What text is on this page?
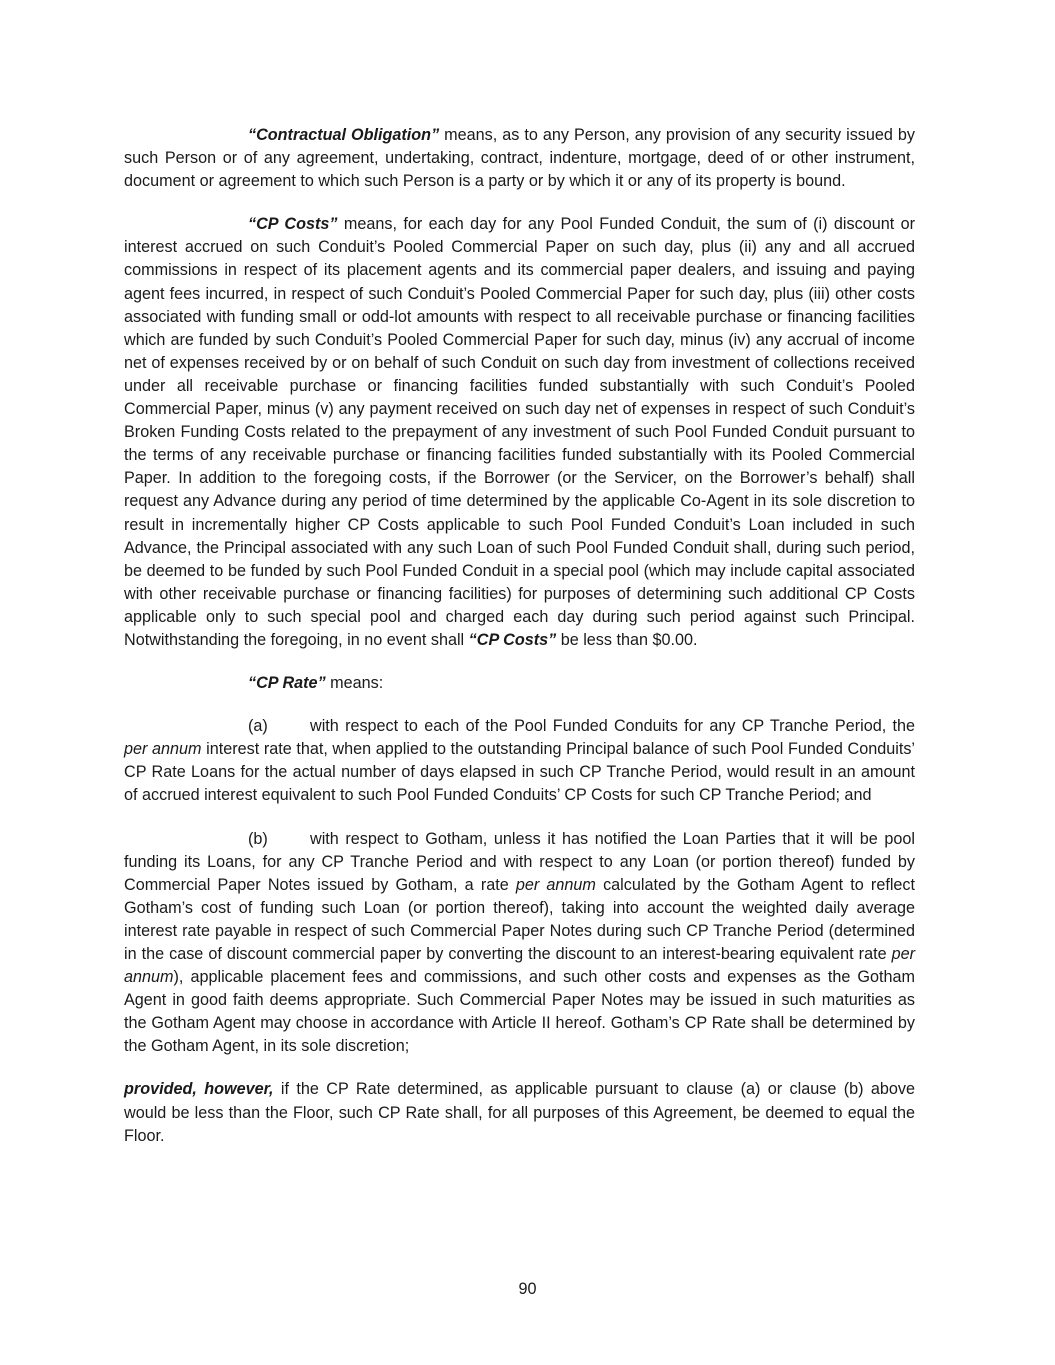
“Contractual Obligation” means, as to any Person, any provision of any security issued by such Person or of any agreement, undertaking, contract, indenture, mortgage, deed of or other instrument, document or agreement to which such Person is a party or by which it or any of its property is bound.

“CP Costs” means, for each day for any Pool Funded Conduit, the sum of (i) discount or interest accrued on such Conduit’s Pooled Commercial Paper on such day, plus (ii) any and all accrued commissions in respect of its placement agents and its commercial paper dealers, and issuing and paying agent fees incurred, in respect of such Conduit’s Pooled Commercial Paper for such day, plus (iii) other costs associated with funding small or odd-lot amounts with respect to all receivable purchase or financing facilities which are funded by such Conduit’s Pooled Commercial Paper for such day, minus (iv) any accrual of income net of expenses received by or on behalf of such Conduit on such day from investment of collections received under all receivable purchase or financing facilities funded substantially with such Conduit’s Pooled Commercial Paper, minus (v) any payment received on such day net of expenses in respect of such Conduit’s Broken Funding Costs related to the prepayment of any investment of such Pool Funded Conduit pursuant to the terms of any receivable purchase or financing facilities funded substantially with its Pooled Commercial Paper. In addition to the foregoing costs, if the Borrower (or the Servicer, on the Borrower’s behalf) shall request any Advance during any period of time determined by the applicable Co-Agent in its sole discretion to result in incrementally higher CP Costs applicable to such Pool Funded Conduit’s Loan included in such Advance, the Principal associated with any such Loan of such Pool Funded Conduit shall, during such period, be deemed to be funded by such Pool Funded Conduit in a special pool (which may include capital associated with other receivable purchase or financing facilities) for purposes of determining such additional CP Costs applicable only to such special pool and charged each day during such period against such Principal. Notwithstanding the foregoing, in no event shall “CP Costs” be less than $0.00.

“CP Rate” means:

(a)	with respect to each of the Pool Funded Conduits for any CP Tranche Period, the per annum interest rate that, when applied to the outstanding Principal balance of such Pool Funded Conduits’ CP Rate Loans for the actual number of days elapsed in such CP Tranche Period, would result in an amount of accrued interest equivalent to such Pool Funded Conduits’ CP Costs for such CP Tranche Period; and

(b)	with respect to Gotham, unless it has notified the Loan Parties that it will be pool funding its Loans, for any CP Tranche Period and with respect to any Loan (or portion thereof) funded by Commercial Paper Notes issued by Gotham, a rate per annum calculated by the Gotham Agent to reflect Gotham’s cost of funding such Loan (or portion thereof), taking into account the weighted daily average interest rate payable in respect of such Commercial Paper Notes during such CP Tranche Period (determined in the case of discount commercial paper by converting the discount to an interest-bearing equivalent rate per annum), applicable placement fees and commissions, and such other costs and expenses as the Gotham Agent in good faith deems appropriate. Such Commercial Paper Notes may be issued in such maturities as the Gotham Agent may choose in accordance with Article II hereof. Gotham’s CP Rate shall be determined by the Gotham Agent, in its sole discretion;

provided, however, if the CP Rate determined, as applicable pursuant to clause (a) or clause (b) above would be less than the Floor, such CP Rate shall, for all purposes of this Agreement, be deemed to equal the Floor.

90
